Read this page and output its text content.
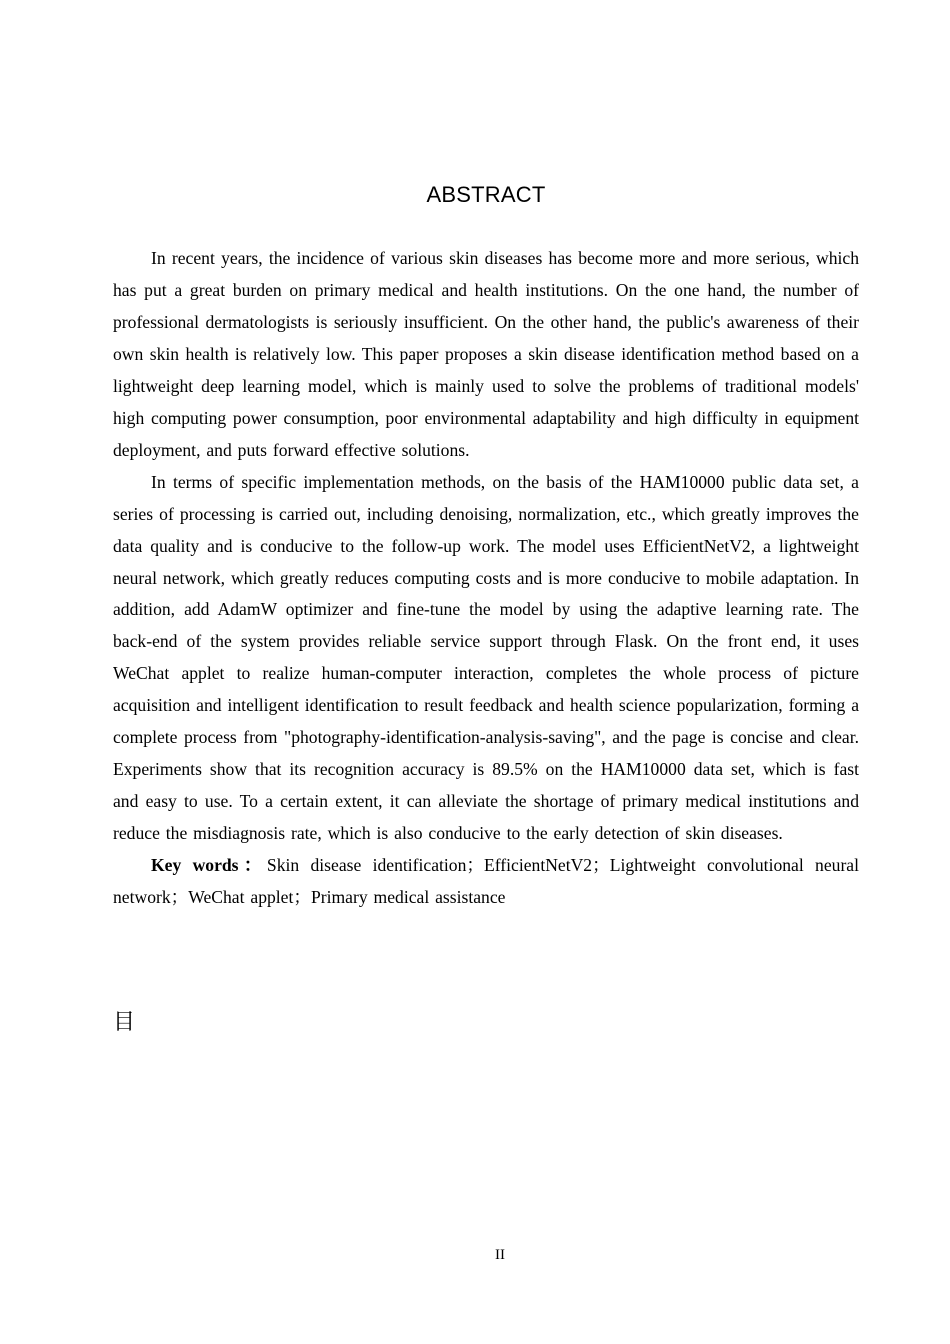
ABSTRACT

In recent years, the incidence of various skin diseases has become more and more serious, which has put a great burden on primary medical and health institutions. On the one hand, the number of professional dermatologists is seriously insufficient. On the other hand, the public's awareness of their own skin health is relatively low. This paper proposes a skin disease identification method based on a lightweight deep learning model, which is mainly used to solve the problems of traditional models' high computing power consumption, poor environmental adaptability and high difficulty in equipment deployment, and puts forward effective solutions.

In terms of specific implementation methods, on the basis of the HAM10000 public data set, a series of processing is carried out, including denoising, normalization, etc., which greatly improves the data quality and is conducive to the follow-up work. The model uses EfficientNetV2, a lightweight neural network, which greatly reduces computing costs and is more conducive to mobile adaptation. In addition, add AdamW optimizer and fine-tune the model by using the adaptive learning rate. The back-end of the system provides reliable service support through Flask. On the front end, it uses WeChat applet to realize human-computer interaction, completes the whole process of picture acquisition and intelligent identification to result feedback and health science popularization, forming a complete process from "photography-identification-analysis-saving", and the page is concise and clear. Experiments show that its recognition accuracy is 89.5% on the HAM10000 data set, which is fast and easy to use. To a certain extent, it can alleviate the shortage of primary medical institutions and reduce the misdiagnosis rate, which is also conducive to the early detection of skin diseases.

Key words：Skin disease identification；EfficientNetV2；Lightweight convolutional neural network；WeChat applet；Primary medical assistance

目
II
